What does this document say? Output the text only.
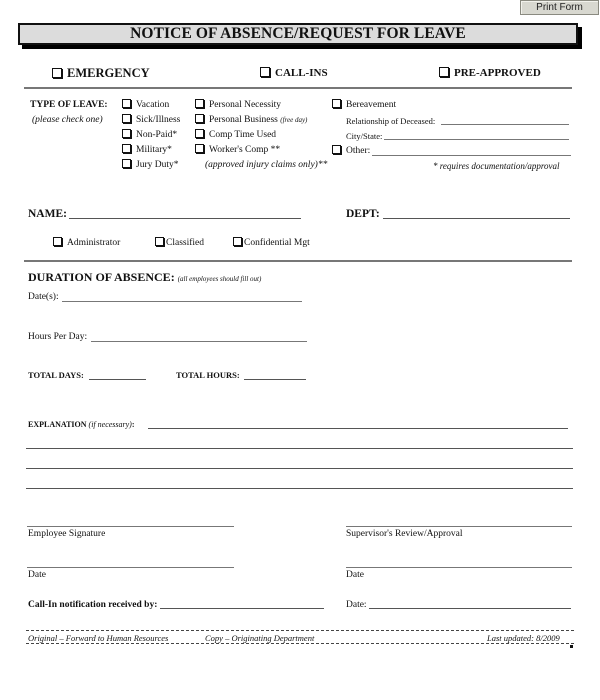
Print Form
NOTICE OF ABSENCE/REQUEST FOR LEAVE
EMERGENCY	CALL-INS	PRE-APPROVED
TYPE OF LEAVE:
(please check one)
Vacation
Sick/Illness
Non-Paid*
Military*
Jury Duty*
Personal Necessity
Personal Business (free day)
Comp Time Used
Worker's Comp **
(approved injury claims only)**
Bereavement
Relationship of Deceased:
City/State:
Other:
* requires documentation/approval
NAME:	DEPT:
Administrator	Classified	Confidential Mgt
DURATION OF ABSENCE: (all employees should fill out)
Date(s):
Hours Per Day:
TOTAL DAYS:	TOTAL HOURS:
EXPLANATION (if necessary):
Employee Signature	Supervisor's Review/Approval
Date	Date
Call-In notification received by:	Date:
Original – Forward to Human Resources	Copy – Originating Department	Last updated: 8/2009
